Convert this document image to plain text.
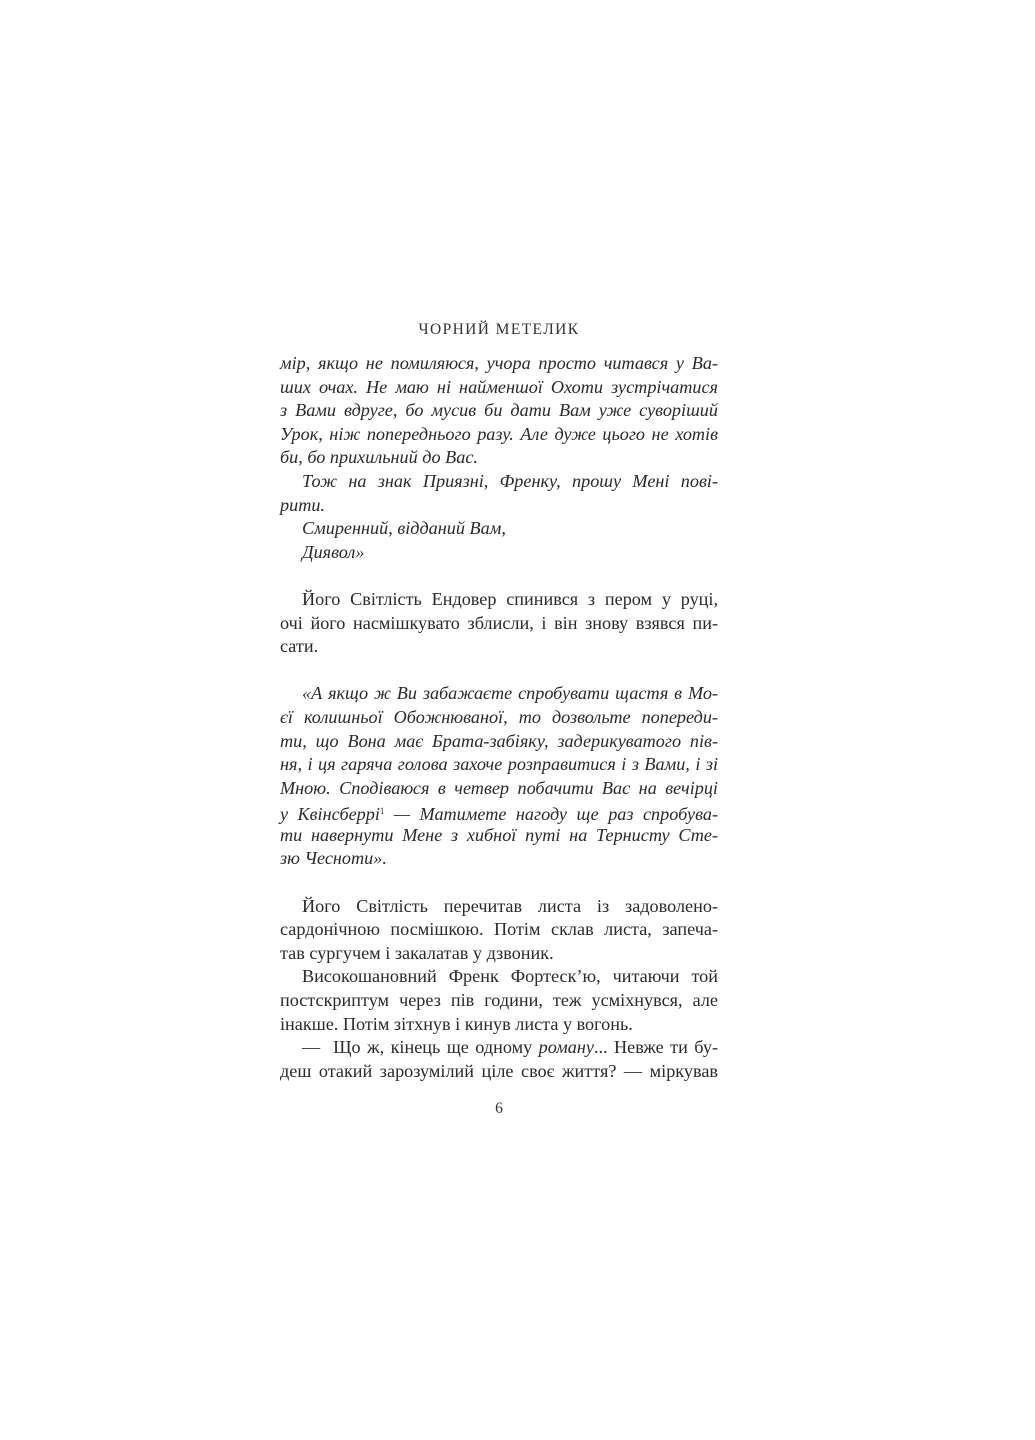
ЧОРНИЙ МЕТЕЛИК
мір, якщо не помиляюся, учора просто читався у Ва-
ших очах. Не маю ні найменшої Охоти зустрічатися
з Вами вдруге, бо мусив би дати Вам уже суворіший
Урок, ніж попереднього разу. Але дуже цього не хотів
би, бо прихильний до Вас.
Тож на знак Приязні, Френку, прошу Мені пові-
рити.
Смиренний, відданий Вам,
Диявол»
Його Світлість Ендовер спинився з пером у руці,
очі його насмішкувато зблисли, і він знову взявся пи-
сати.
«А якщо ж Ви забажаєте спробувати щастя в Мо-
єї колишньої Обожнюваної, то дозвольте попереди-
ти, що Вона має Брата-забіяку, задерикуватого пів-
ня, і ця гаряча голова захоче розправитися і з Вами, і зі
Мною. Сподіваюся в четвер побачити Вас на вечірці
у Квінсберрі$^1$ — Матимете нагоду ще раз спробува-
ти навернути Мене з хибної путі на Тернисту Сте-
зю Чесноти».
Його Світлість перечитав листа із задоволено-
сардонічною посмішкою. Потім склав листа, запеча-
тав сургучем і закалатав у дзвоник.
Високошановний Френк Фортеск’ю, читаючи той
постскриптум через пів години, теж усміхнувся, але
інакше. Потім зітхнув і кинув листа у вогонь.
— Що ж, кінець ще одному роману... Невже ти бу-
деш отакий зарозумілий ціле своє життя? — міркував
6
